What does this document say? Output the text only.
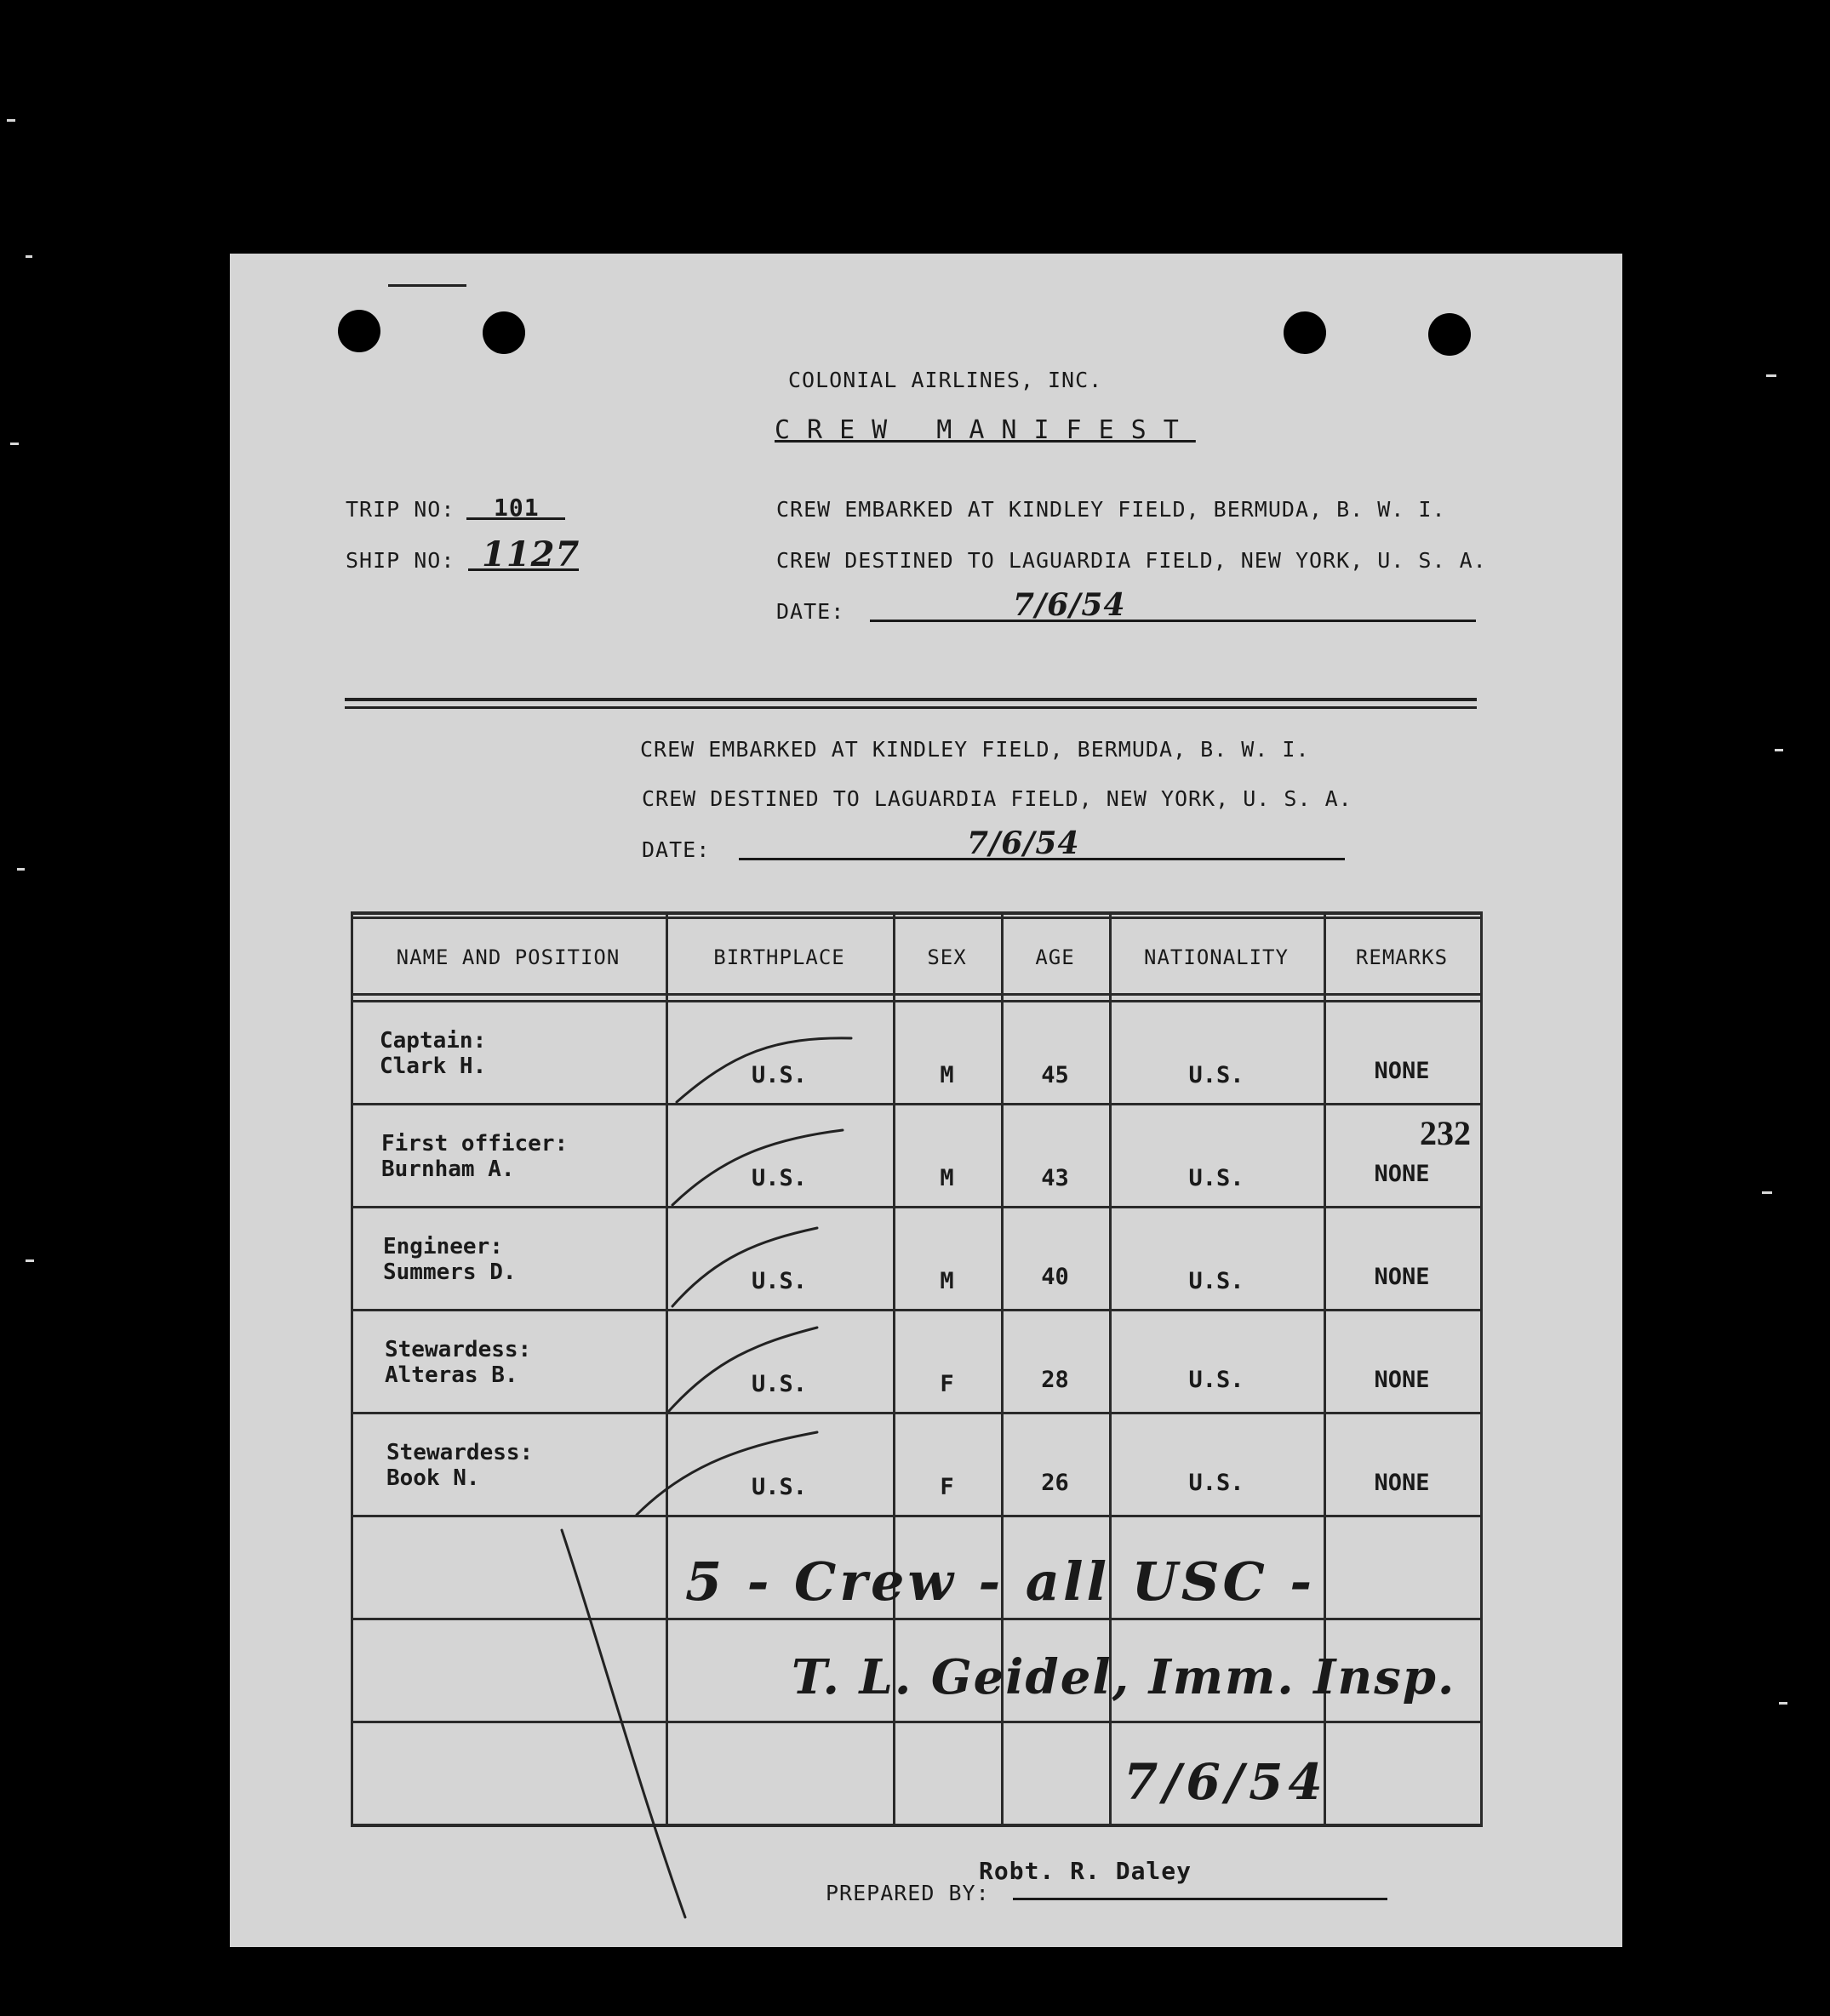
COLONIAL AIRLINES, INC.
CREW MANIFEST
TRIP NO: 101
SHIP NO: 1127
CREW EMBARKED AT KINDLEY FIELD, BERMUDA, B. W. I.
CREW DESTINED TO LAGUARDIA FIELD, NEW YORK, U. S. A.
DATE:	7/6/54
CREW EMBARKED AT KINDLEY FIELD, BERMUDA, B. W. I.
CREW DESTINED TO LAGUARDIA FIELD, NEW YORK, U. S. A.
DATE:	7/6/54
NAME AND POSITION	BIRTHPLACE	SEX	AGE	NATIONALITY	REMARKS
Captain:
Clark H.	U.S.	M	45	U.S.	NONE
First officer:
Burnham A.	U.S.	M	43	U.S.	NONE
Engineer:
Summers D.	U.S.	M	40	U.S.	NONE
Stewardess:
Alteras B.	U.S.	F	28	U.S.	NONE
Stewardess:
Book N.	U.S.	F	26	U.S.	NONE
232
5 - Crew - all USC -
T. L. Geidel, Imm. Insp.
7/6/54
PREPARED BY:
Robt. R. Daley
